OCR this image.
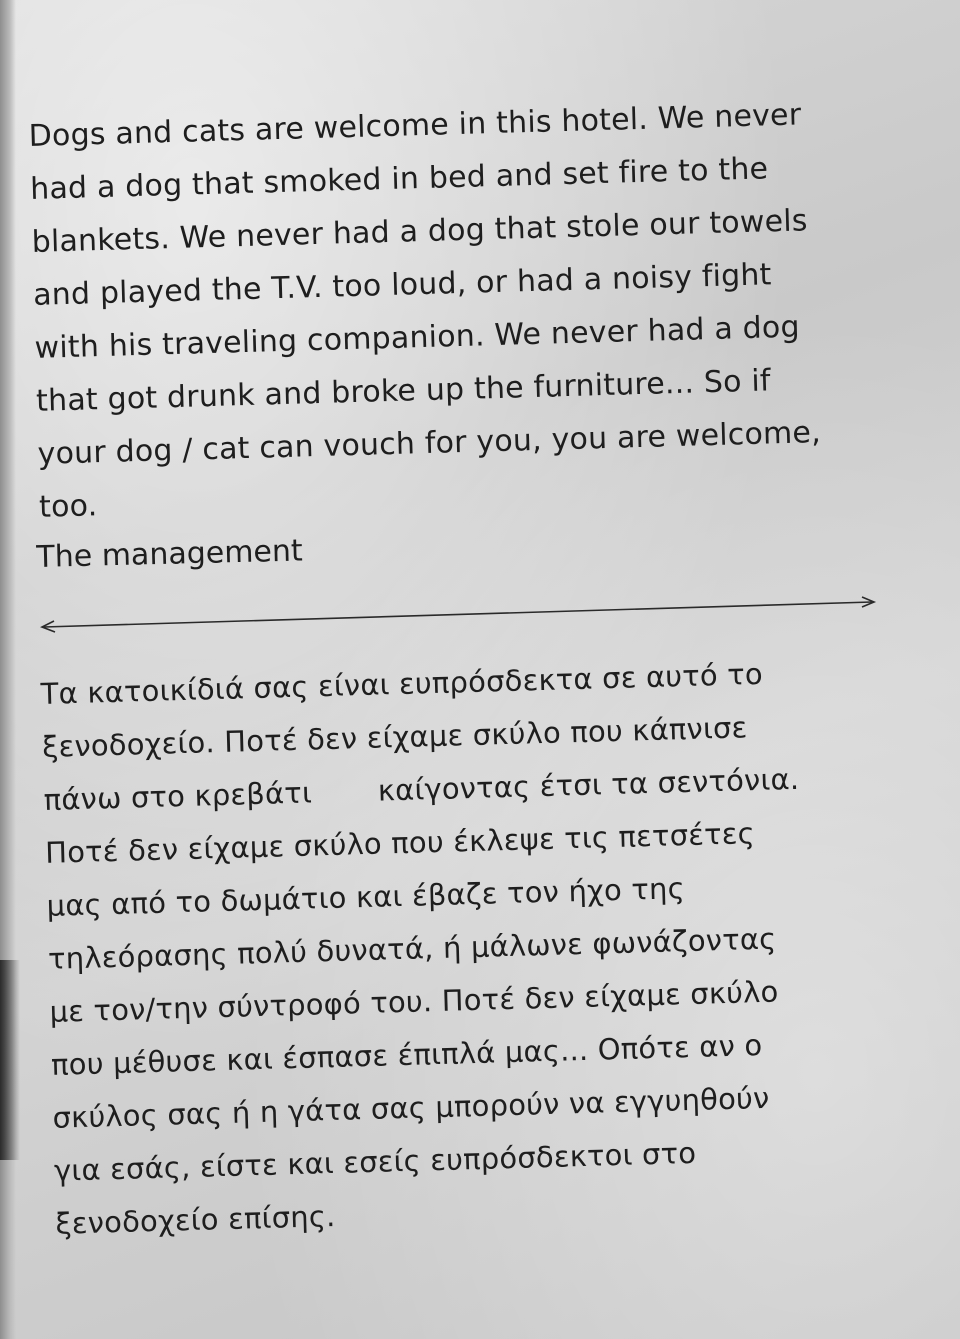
Dogs and cats are welcome in this hotel. We never
had a dog that smoked in bed and set fire to the
blankets. We never had a dog that stole our towels
and played the T.V. too loud, or had a noisy fight
with his traveling companion. We never had a dog
that got drunk and broke up the furniture... So if
your dog / cat can vouch for you, you are welcome,
too.
The management
Τα κατοικίδιά σας είναι ευπρόσδεκτα σε αυτό το
ξενοδοχείο. Ποτέ δεν είχαμε σκύλο που κάπνισε
πάνω στο κρεβάτι       καίγοντας έτσι τα σεντόνια.
Ποτέ δεν είχαμε σκύλο που έκλεψε τις πετσέτες
μας από το δωμάτιο και έβαζε τον ήχο της
τηλεόρασης πολύ δυνατά, ή μάλωνε φωνάζοντας
με τον/την σύντροφό του. Ποτέ δεν είχαμε σκύλο
που μέθυσε και έσπασε έπιπλά μας... Οπότε αν ο
σκύλος σας ή η γάτα σας μπορούν να εγγυηθούν
για εσάς, είστε και εσείς ευπρόσδεκτοι στο
ξενοδοχείο επίσης.
